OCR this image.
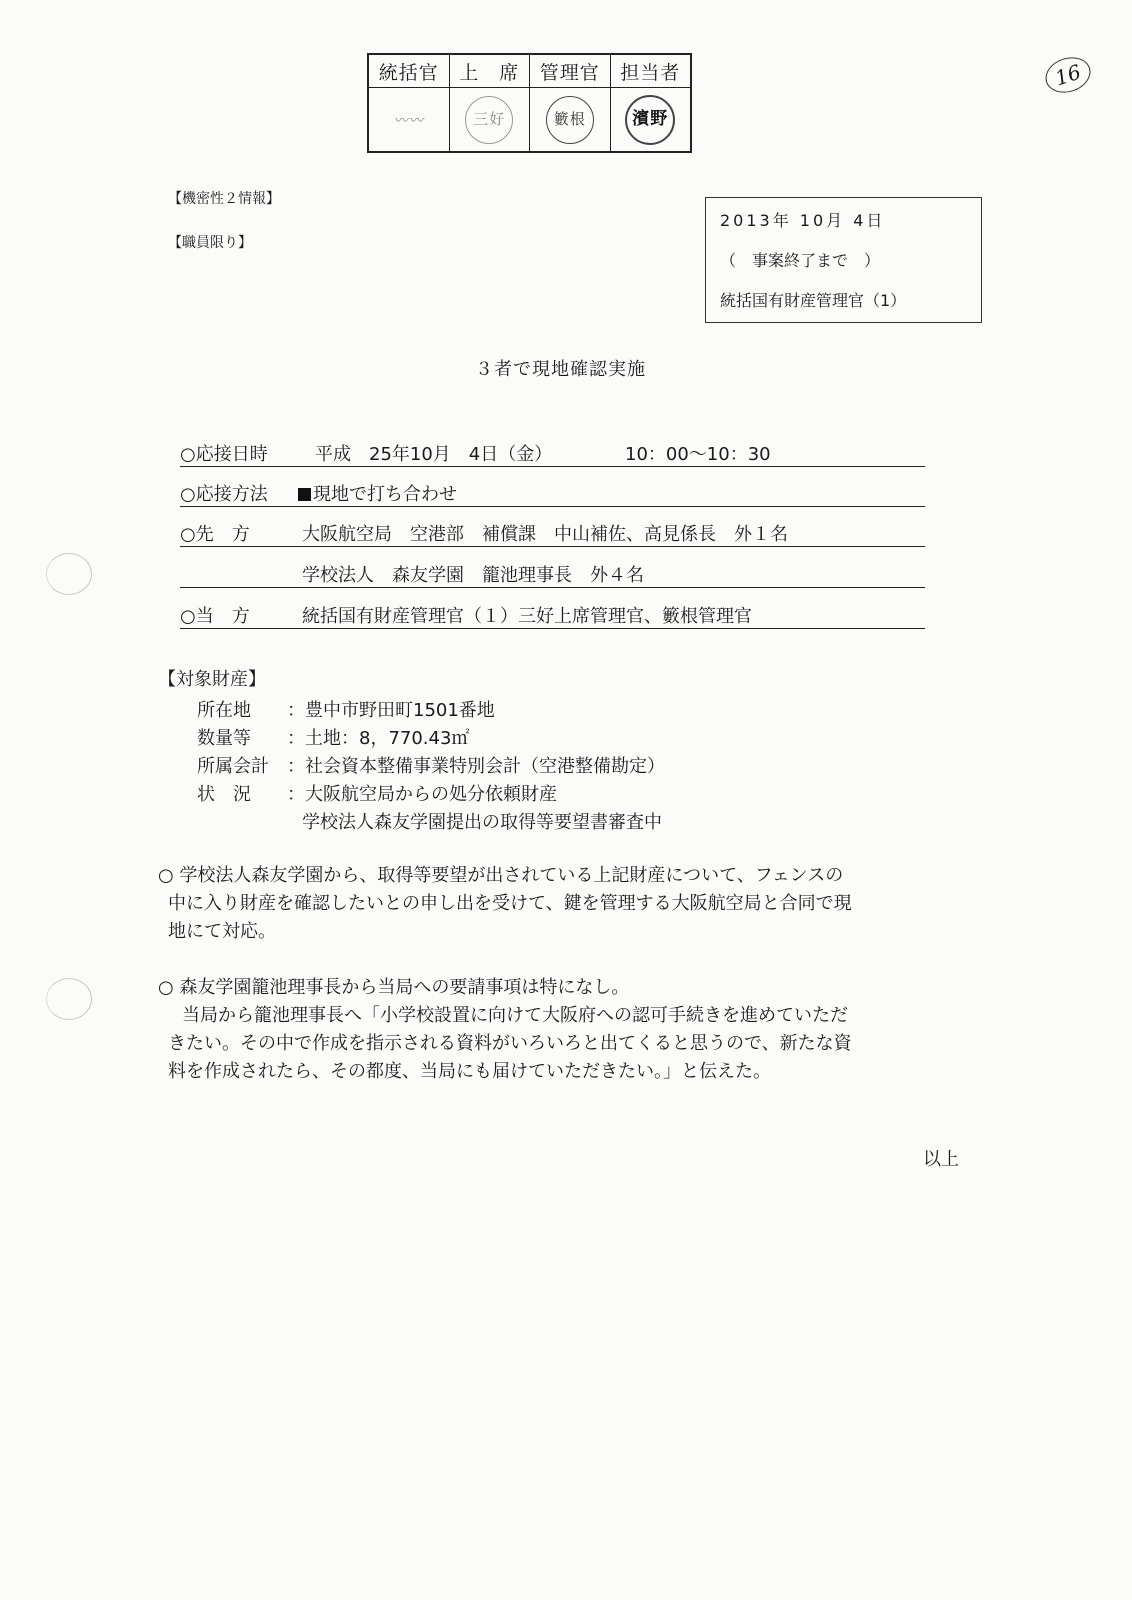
統括官	上　席	管理官	担当者
〰〰	三好	籔根	濱野
16
【機密性２情報】
【職員限り】
2013年 10月 4日
（　事案終了まで　）
統括国有財産管理官（1）
３者で現地確認実施
○応接日時	平成　25年10月　4日（金）	10：00～10：30
○応接方法	現地で打ち合わせ
○先　方	大阪航空局　空港部　補償課　中山補佐、高見係長　外１名
学校法人　森友学園　籠池理事長　外４名
○当　方	統括国有財産管理官（１）三好上席管理官、籔根管理官
【対象財産】
所在地 ：豊中市野田町1501番地
数量等 ：土地：8，770.43㎡
所属会計 ：社会資本整備事業特別会計（空港整備勘定）
状　況 ：大阪航空局からの処分依頼財産
学校法人森友学園提出の取得等要望書審査中
○ 学校法人森友学園から、取得等要望が出されている上記財産について、フェンスの
中に入り財産を確認したいとの申し出を受けて、鍵を管理する大阪航空局と合同で現
地にて対応。
○ 森友学園籠池理事長から当局への要請事項は特になし。
当局から籠池理事長へ「小学校設置に向けて大阪府への認可手続きを進めていただ
きたい。その中で作成を指示される資料がいろいろと出てくると思うので、新たな資
料を作成されたら、その都度、当局にも届けていただきたい。」と伝えた。
以上
